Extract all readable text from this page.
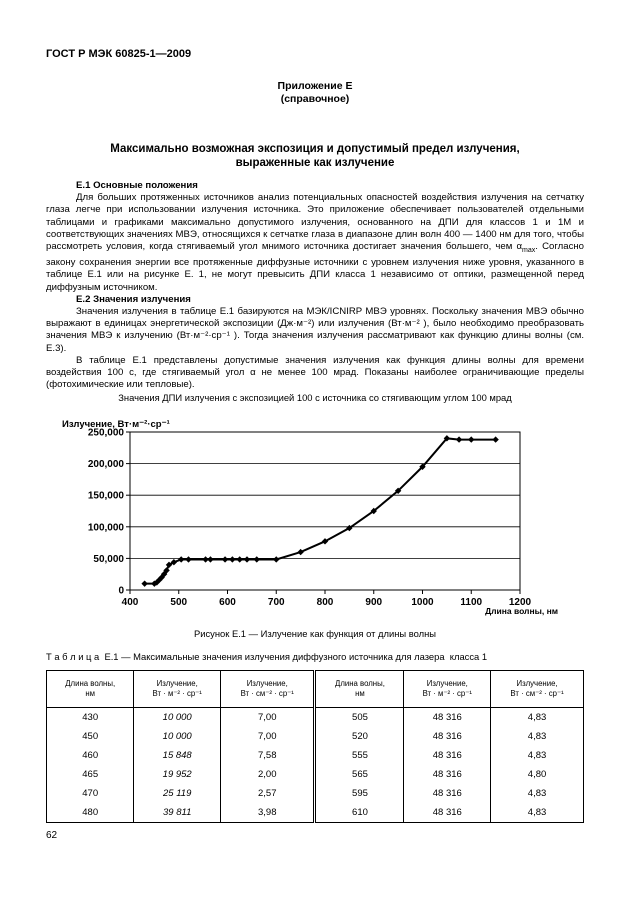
ГОСТ Р МЭК 60825-1—2009
Приложение Е
(справочное)
Максимально возможная экспозиция и допустимый предел излучения,
выраженные как излучение

Е.1 Основные положения

Для больших протяженных источников анализ потенциальных опасностей воздействия излучения на сетчатку глаза легче при использовании излучения источника. Это приложение обеспечивает пользователей отдельными таблицами и графиками максимально допустимого излучения, основанного на ДПИ для классов 1 и 1М и соответствующих значениях МВЭ, относящихся к сетчатке глаза в диапазоне длин волн 400 — 1400 нм для того, чтобы рассмотреть условия, когда стягиваемый угол мнимого источника достигает значения большего, чем $\alpha_{max}$. Согласно закону сохранения энергии все протяженные диффузные источники с уровнем излучения ниже уровня, указанного в таблице Е.1 или на рисунке Е. 1, не могут превысить ДПИ класса 1 независимо от оптики, размещенной перед диффузным источником.

Е.2 Значения излучения

Значения излучения в таблице Е.1 базируются на МЭК/ICNIRP МВЭ уровнях. Поскольку значения МВЭ обычно выражают в единицах энергетической экспозиции (Дж·м⁻²) или излучения (Вт·м⁻² ), было необходимо преобразовать значения МВЭ к излучению (Вт·м⁻²·ср⁻¹ ). Тогда значения излучения рассматривают как функцию длины волны (см. Е.3).

В таблице Е.1 представлены допустимые значения излучения как функция длины волны для времени воздействия 100 с, где стягиваемый угол α не менее 100 мрад. Показаны наиболее ограничивающие пределы (фотохимические или тепловые).

Значения ДПИ излучения с экспозицией 100 с источника со стягивающим углом 100 мрад
0
50,000
100,000
150,000
200,000
250,000
400	500	600	700	800	900	1000	1100	1200
Излучение, Вт·м⁻²·ср⁻¹
Длина волны, нм
Рисунок Е.1 — Излучение как функция от длины волны
Т а б л и ц а  Е.1 — Максимальные значения излучения диффузного источника для лазера  класса 1
Длина волны,
нм	Излучение,
Вт · м⁻² · ср⁻¹	Излучение,
Вт · см⁻² · ср⁻¹	Длина волны,
нм	Излучение,
Вт · м⁻² · ср⁻¹	Излучение,
Вт · см⁻² · ср⁻¹
430	10 000	7,00	505	48 316	4,83
450	10 000	7,00	520	48 316	4,83
460	15 848	7,58	555	48 316	4,83
465	19 952	2,00	565	48 316	4,80
470	25 119	2,57	595	48 316	4,83
480	39 811	3,98	610	48 316	4,83
62
